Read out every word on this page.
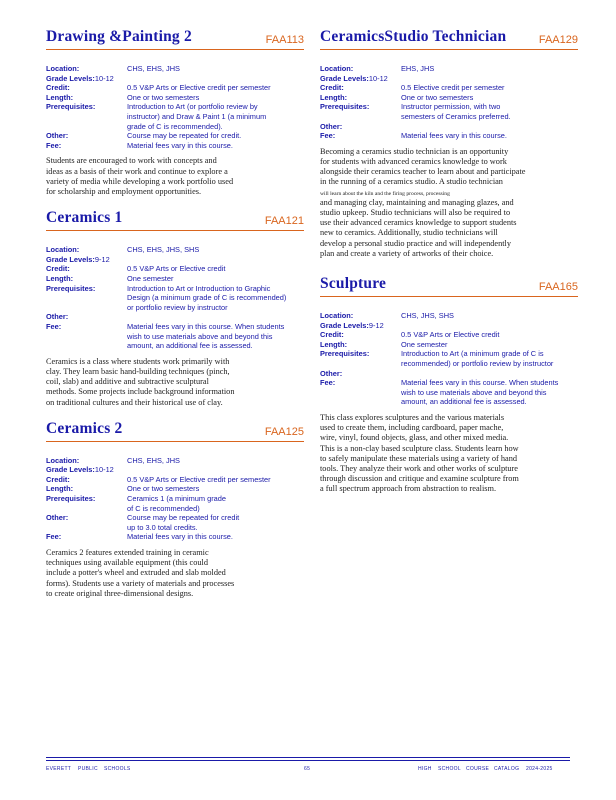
Drawing &Painting 2	FAA113
Location:	CHS, EHS, JHS
Grade Levels: 10-12
Credit:	0.5 V&P Arts or Elective credit per semester
Length:	One or two semesters
Prerequisites:	Introduction to Art (or portfolio review by
instructor) and Draw & Paint 1 (a minimum
grade of C is recommended).
Other:	Course may be repeated for credit.
Fee:	Material fees vary in this course.
Students are encouraged to work with concepts and
ideas as a basis of their work and continue to explore a
variety of media while developing a work portfolio used
for scholarship and employment opportunities.
Ceramics 1	FAA121
Location:	CHS, EHS, JHS, SHS
Grade Levels: 9-12
Credit:	0.5 V&P Arts or Elective credit
Length:	One semester
Prerequisites:	Introduction to Art or Introduction to Graphic
Design (a minimum grade of C is recommended)
or portfolio review by instructor
Other:
Fee:	Material fees vary in this course. When students
wish to use materials above and beyond this
amount, an additional fee is assessed.
Ceramics is a class where students work primarily with
clay. They learn basic hand-building techniques (pinch,
coil, slab) and additive and subtractive sculptural
methods. Some projects include background information
on traditional cultures and their historical use of clay.
Ceramics 2	FAA125
Location:	CHS, EHS, JHS
Grade Levels: 10-12
Credit:	0.5 V&P Arts or Elective credit per semester
Length:	One or two semesters
Prerequisites:	Ceramics 1 (a minimum grade
of C is recommended)
Other:	Course may be repeated for credit
up to 3.0 total credits.
Fee:	Material fees vary in this course.
Ceramics 2 features extended training in ceramic
techniques using available equipment (this could
include a potter's wheel and extruded and slab molded
forms). Students use a variety of materials and processes
to create original three-dimensional designs.
CeramicsStudio Technician	FAA129
Location:	EHS, JHS
Grade Levels: 10-12
Credit:	0.5 Elective credit per semester
Length:	One or two semesters
Prerequisites:	Instructor permission, with two
semesters of Ceramics preferred.
Other:
Fee:	Material fees vary in this course.
Becoming a ceramics studio technician is an opportunity
for students with advanced ceramics knowledge to work
alongside their ceramics teacher to learn about and participate
in the running of a ceramics studio. A studio technician
will learn about the kiln and the firing process, processing
and managing clay, maintaining and managing glazes, and
studio upkeep. Studio technicians will also be required to
use their advanced ceramics knowledge to support students
new to ceramics. Additionally, studio technicians will
develop a personal studio practice and will independently
plan and create a variety of artworks of their choice.
Sculpture	FAA165
Location:	CHS, JHS, SHS
Grade Levels: 9-12
Credit:	0.5 V&P Arts or Elective credit
Length:	One semester
Prerequisites:	Introduction to Art (a minimum grade of C is
recommended) or portfolio review by instructor
Other:
Fee:	Material fees vary in this course. When students
wish to use materials above and beyond this
amount, an additional fee is assessed.
This class explores sculptures and the various materials
used to create them, including cardboard, paper mache,
wire, vinyl, found objects, glass, and other mixed media.
This is a non-clay based sculpture class. Students learn how
to safely manipulate these materials using a variety of hand
tools. They analyze their work and other works of sculpture
through discussion and critique and examine sculpture from
a full spectrum approach from abstraction to realism.
EVERETT PUBLIC SCHOOLS	65	HIGH SCHOOL COURSE CATALOG 2024-2025
